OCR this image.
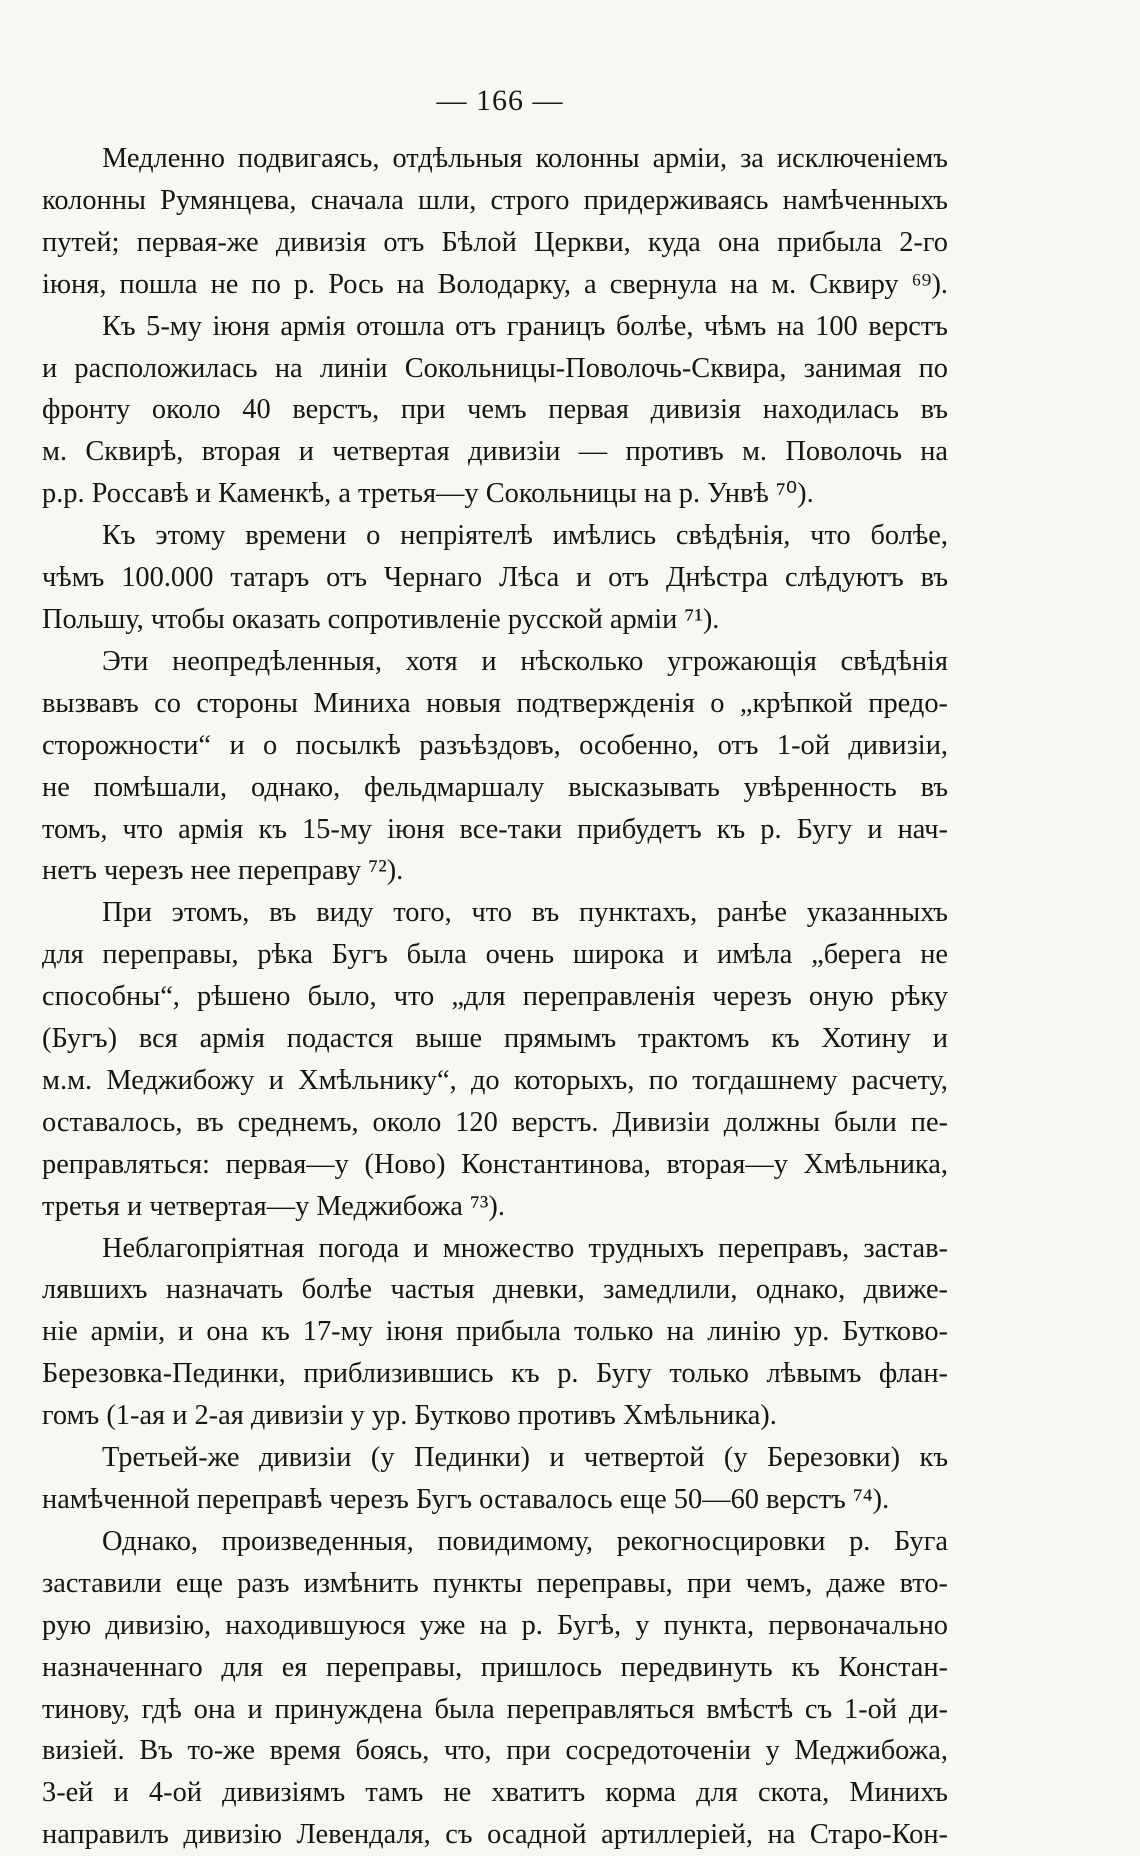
— 166 —

Медленно подвигаясь, отдѣльныя колонны арміи, за исключеніемъ
колонны Румянцева, сначала шли, строго придерживаясь намѣченныхъ
путей; первая-же дивизія отъ Бѣлой Церкви, куда она прибыла 2-го
іюня, пошла не по р. Рось на Володарку, а свернула на м. Сквиру ⁶⁹).

Къ 5-му іюня армія отошла отъ границъ болѣе, чѣмъ на 100 верстъ
и расположилась на линіи Сокольницы-Поволочь-Сквира, занимая по
фронту около 40 верстъ, при чемъ первая дивизія находилась въ
м. Сквирѣ, вторая и четвертая дивизіи — противъ м. Поволочь на
р.р. Россавѣ и Каменкѣ, а третья—у Сокольницы на р. Унвѣ ⁷⁰).

Къ этому времени о непріятелѣ имѣлись свѣдѣнія, что болѣе,
чѣмъ 100.000 татаръ отъ Чернаго Лѣса и отъ Днѣстра слѣдуютъ въ
Польшу, чтобы оказать сопротивленіе русской арміи ⁷¹).

Эти неопредѣленныя, хотя и нѣсколько угрожающія свѣдѣнія
вызвавъ со стороны Миниха новыя подтвержденія о „крѣпкой предо-
сторожности“ и о посылкѣ разъѣздовъ, особенно, отъ 1-ой дивизіи,
не помѣшали, однако, фельдмаршалу высказывать увѣренность въ
томъ, что армія къ 15-му іюня все-таки прибудетъ къ р. Бугу и нач-
нетъ черезъ нее переправу ⁷²).

При этомъ, въ виду того, что въ пунктахъ, ранѣе указанныхъ
для переправы, рѣка Бугъ была очень широка и имѣла „берега не
способны“, рѣшено было, что „для переправленія черезъ оную рѣку
(Бугъ) вся армія подастся выше прямымъ трактомъ къ Хотину и
м.м. Меджибожу и Хмѣльнику“, до которыхъ, по тогдашнему расчету,
оставалось, въ среднемъ, около 120 верстъ. Дивизіи должны были пе-
реправляться: первая—у (Ново) Константинова, вторая—у Хмѣльника,
третья и четвертая—у Меджибожа ⁷³).

Неблагопріятная погода и множество трудныхъ переправъ, застав-
лявшихъ назначать болѣе частыя дневки, замедлили, однако, движе-
ніе арміи, и она къ 17-му іюня прибыла только на линію ур. Бутково-
Березовка-Пединки, приблизившись къ р. Бугу только лѣвымъ флан-
гомъ (1-ая и 2-ая дивизіи у ур. Бутково противъ Хмѣльника).

Третьей-же дивизіи (у Пединки) и четвертой (у Березовки) къ
намѣченной переправѣ черезъ Бугъ оставалось еще 50—60 верстъ ⁷⁴).

Однако, произведенныя, повидимому, рекогносцировки р. Буга
заставили еще разъ измѣнить пункты переправы, при чемъ, даже вто-
рую дивизію, находившуюся уже на р. Бугѣ, у пункта, первоначально
назначеннаго для ея переправы, пришлось передвинуть къ Констан-
тинову, гдѣ она и принуждена была переправляться вмѣстѣ съ 1-ой ди-
визіей. Въ то-же время боясь, что, при сосредоточеніи у Меджибожа,
3-ей и 4-ой дивизіямъ тамъ не хватитъ корма для скота, Минихъ
направилъ дивизію Левендаля, съ осадной артиллеріей, на Старо-Кон-
